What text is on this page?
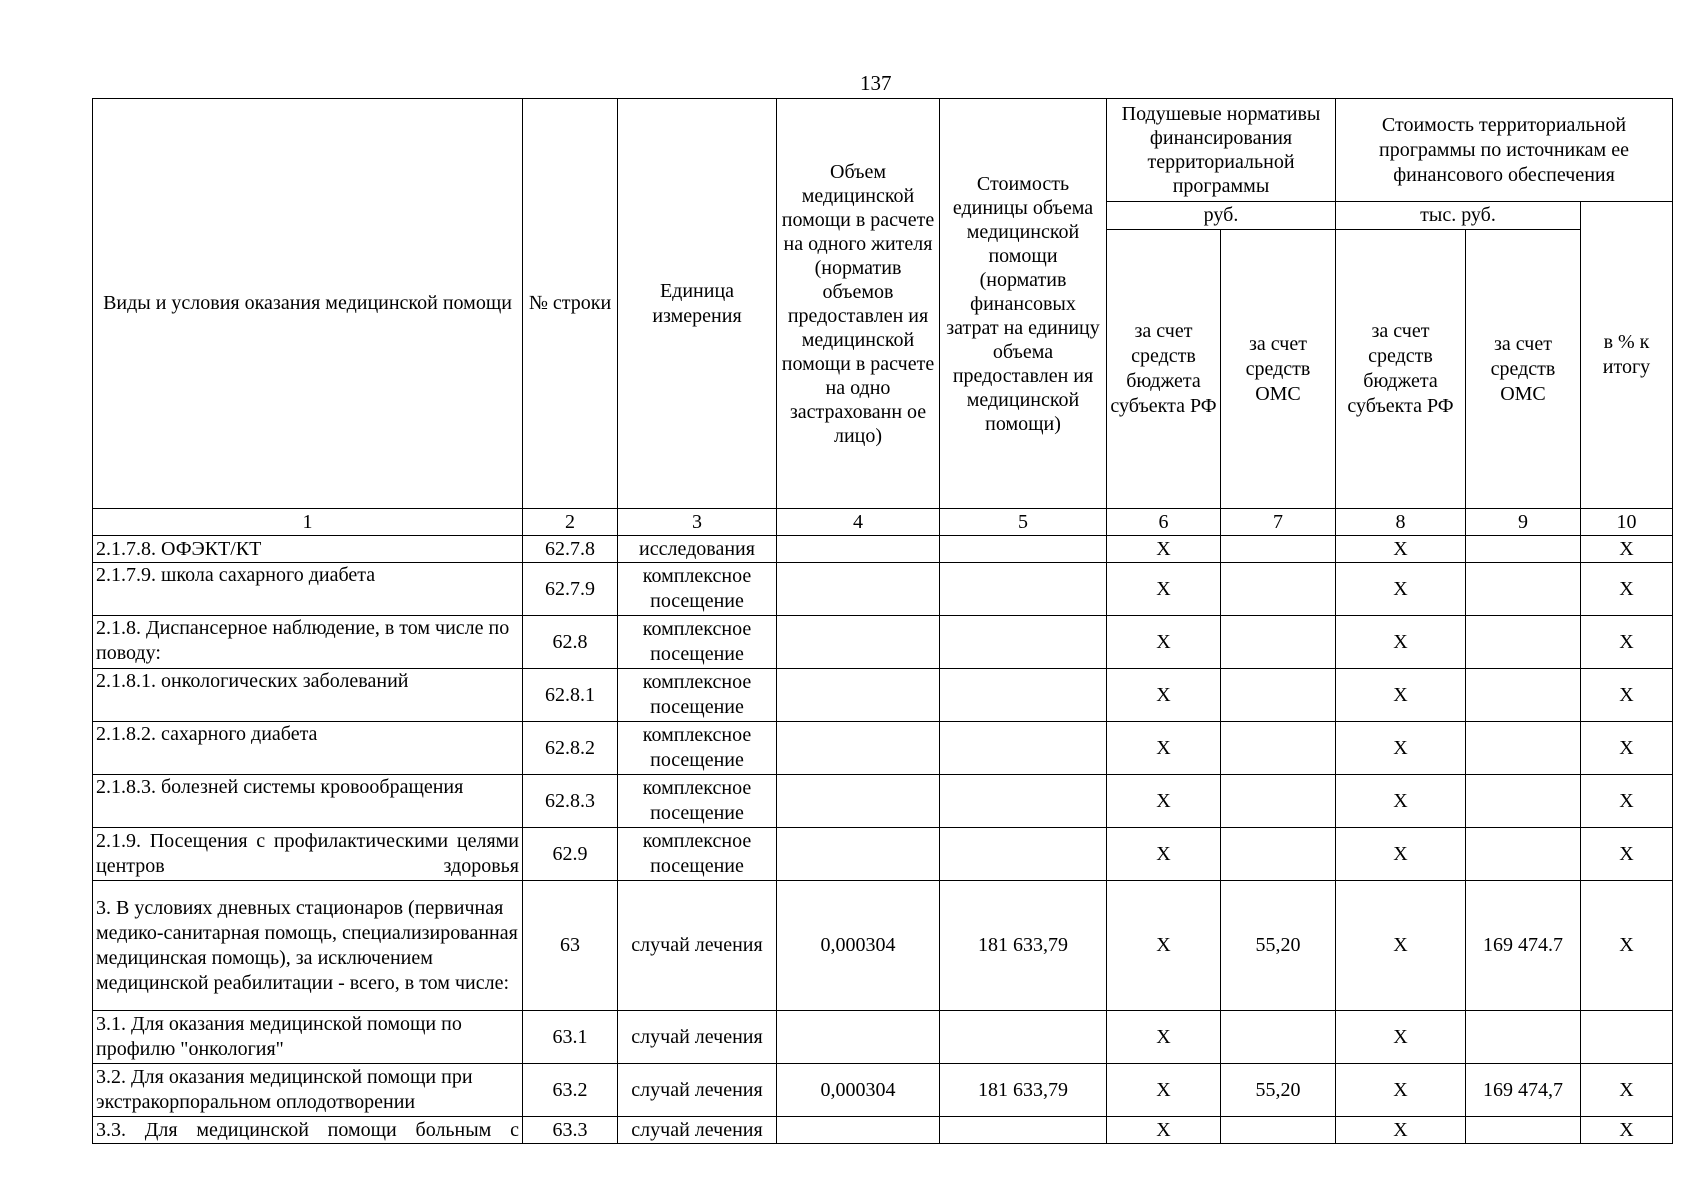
137
Виды и условия оказания медицинской помощи	№ строки	Единица измерения	Объем медицинской помощи в расчете на одного жителя (норматив объемов предоставлен ия медицинской помощи в расчете на одно застрахованн ое лицо)	Стоимость единицы объема медицинской помощи (норматив финансовых затрат на единицу объема предоставлен ия медицинской помощи)	Подушевые нормативы финансирования территориальной программы		Стоимость территориальной программы по источникам ее финансового обеспечения		
					руб.		тыс. руб.		в % к итогу
					за счет средств бюджета субъекта РФ	за счет средств ОМС	за счет средств бюджета субъекта РФ	за счет средств ОМС	
1	2	3	4	5	6	7	8	9	10
2.1.7.8. ОФЭКТ/КТ	62.7.8	исследования			Х		Х		Х
2.1.7.9. школа сахарного диабета	62.7.9	комплексное посещение			Х		Х		Х
2.1.8. Диспансерное наблюдение, в том числе по поводу:	62.8	комплексное посещение			Х		Х		Х
2.1.8.1. онкологических заболеваний	62.8.1	комплексное посещение			Х		Х		Х
2.1.8.2. сахарного диабета	62.8.2	комплексное посещение			Х		Х		Х
2.1.8.3. болезней системы кровообращения	62.8.3	комплексное посещение			Х		Х		Х
2.1.9. Посещения с профилактическими целями центров здоровья	62.9	комплексное посещение			Х		Х		Х
3. В условиях дневных стационаров (первичная медико-санитарная помощь, специализированная медицинская помощь), за исключением медицинской реабилитации - всего, в том числе:	63	случай лечения	0,000304	181 633,79	Х	55,20	Х	169 474.7	Х
3.1. Для оказания медицинской помощи по профилю "онкология"	63.1	случай лечения			Х		Х		
3.2. Для оказания медицинской помощи при экстракорпоральном оплодотворении	63.2	случай лечения	0,000304	181 633,79	Х	55,20	Х	169 474,7	Х
3.3. Для медицинской помощи больным с	63.3	случай лечения			Х		Х		Х
